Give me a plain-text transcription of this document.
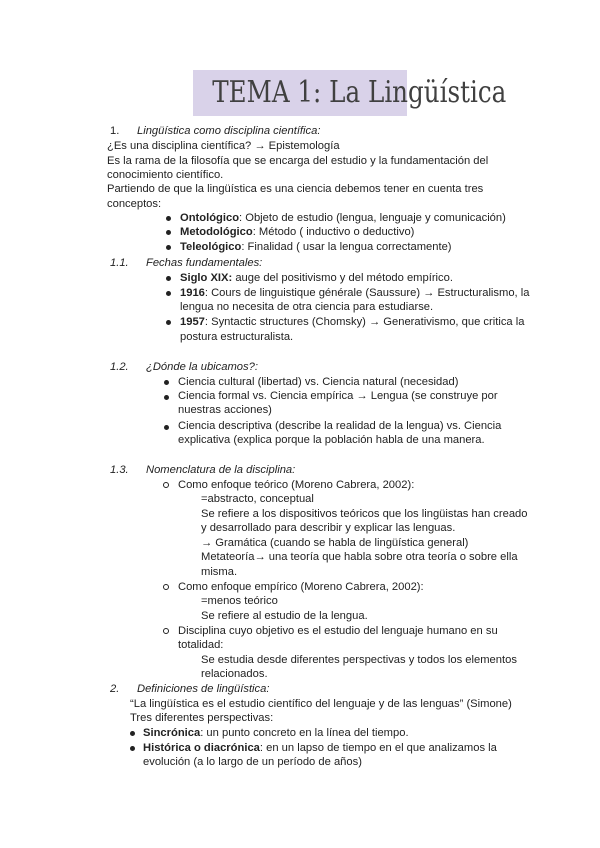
TEMA 1: La Lingüística
1. Lingüística como disciplina científica:
¿Es una disciplina científica? → Epistemología
Es la rama de la filosofía que se encarga del estudio y la fundamentación del
conocimiento científico.
Partiendo de que la lingüística es una ciencia debemos tener en cuenta tres
conceptos:
Ontológico: Objeto de estudio (lengua, lenguaje y comunicación)
Metodológico: Método ( inductivo o deductivo)
Teleológico: Finalidad ( usar la lengua correctamente)
1.1. Fechas fundamentales:
Siglo XIX: auge del positivismo y del método empírico.
1916: Cours de linguistique générale (Saussure) → Estructuralismo, la
lengua no necesita de otra ciencia para estudiarse.
1957: Syntactic structures (Chomsky) → Generativismo, que critica la
postura estructuralista.
1.2. ¿Dónde la ubicamos?:
Ciencia cultural (libertad) vs. Ciencia natural (necesidad)
Ciencia formal vs. Ciencia empírica → Lengua (se construye por
nuestras acciones)
Ciencia descriptiva (describe la realidad de la lengua) vs. Ciencia
explicativa (explica porque la población habla de una manera.
1.3. Nomenclatura de la disciplina:
Como enfoque teórico (Moreno Cabrera, 2002):
=abstracto, conceptual
Se refiere a los dispositivos teóricos que los lingüistas han creado
y desarrollado para describir y explicar las lenguas.
→ Gramática (cuando se habla de lingüística general)
Metateoría→ una teoría que habla sobre otra teoría o sobre ella
misma.
Como enfoque empírico (Moreno Cabrera, 2002):
=menos teórico
Se refiere al estudio de la lengua.
Disciplina cuyo objetivo es el estudio del lenguaje humano en su
totalidad:
Se estudia desde diferentes perspectivas y todos los elementos
relacionados.
2. Definiciones de lingüística:
“La lingüística es el estudio científico del lenguaje y de las lenguas” (Simone)
Tres diferentes perspectivas:
Sincrónica: un punto concreto en la línea del tiempo.
Histórica o diacrónica: en un lapso de tiempo en el que analizamos la
evolución (a lo largo de un período de años)
